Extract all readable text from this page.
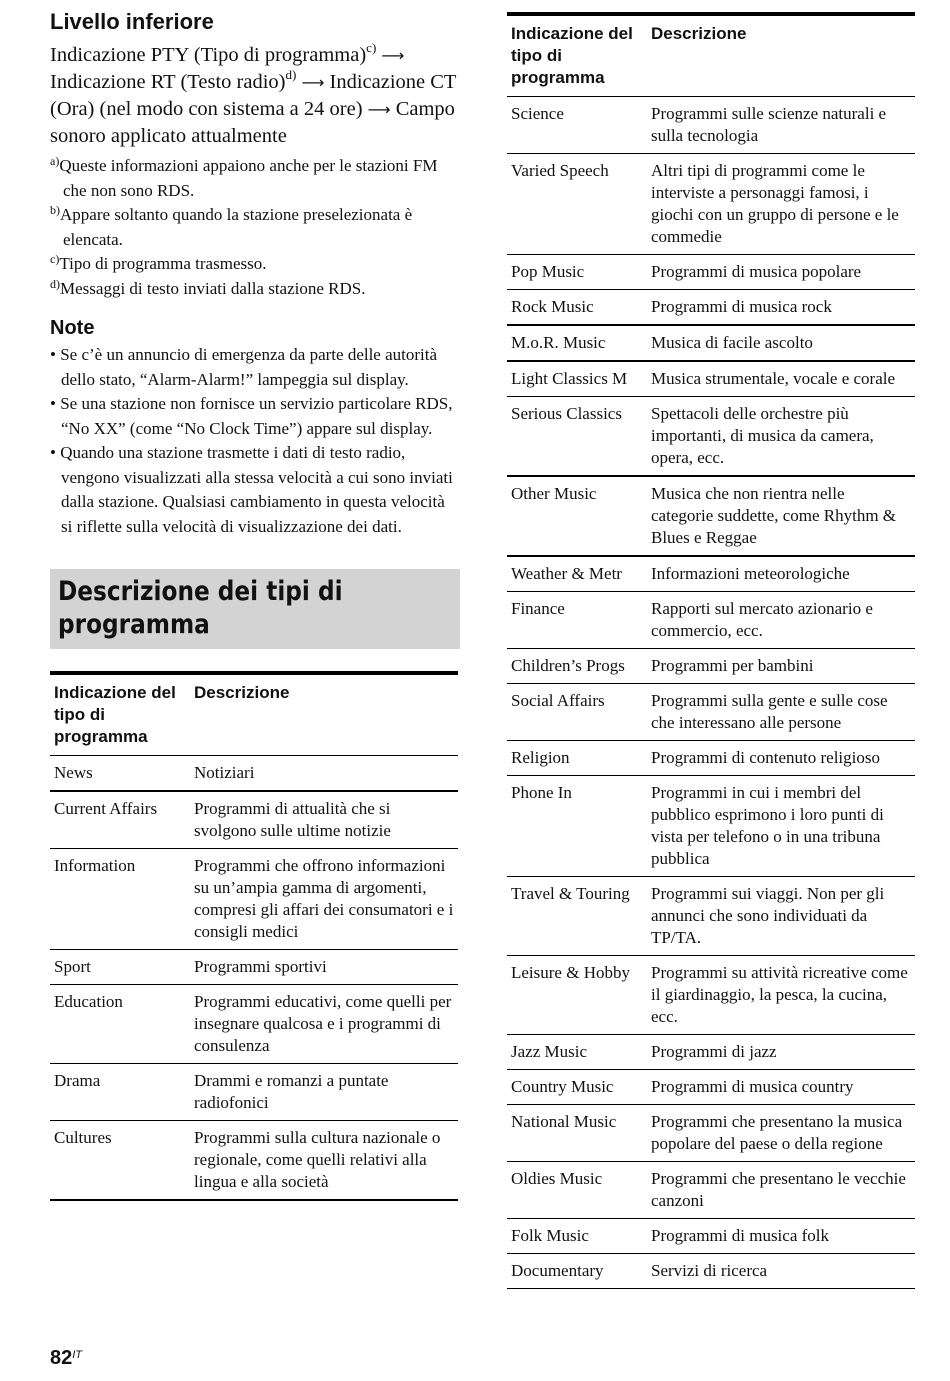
Livello inferiore

Indicazione PTY (Tipo di programma)$^{c)}$ ⟶ Indicazione RT (Testo radio)$^{d)}$ ⟶ Indicazione CT (Ora) (nel modo con sistema a 24 ore) ⟶ Campo sonoro applicato attualmente

$^{a)}$Queste informazioni appaiono anche per le stazioni FM che non sono RDS.
$^{b)}$Appare soltanto quando la stazione preselezionata è elencata.
$^{c)}$Tipo di programma trasmesso.
$^{d)}$Messaggi di testo inviati dalla stazione RDS.
Note
• Se c’è un annuncio di emergenza da parte delle autorità dello stato, “Alarm-Alarm!” lampeggia sul display.
• Se una stazione non fornisce un servizio particolare RDS, “No XX” (come “No Clock Time”) appare sul display.
• Quando una stazione trasmette i dati di testo radio, vengono visualizzati alla stessa velocità a cui sono inviati dalla stazione. Qualsiasi cambiamento in questa velocità si riflette sulla velocità di visualizzazione dei dati.
Descrizione dei tipi di programma
Indicazione del tipo di programma	Descrizione
News	Notiziari
Current Affairs	Programmi di attualità che si svolgono sulle ultime notizie
Information	Programmi che offrono informazioni su un’ampia gamma di argomenti, compresi gli affari dei consumatori e i consigli medici
Sport	Programmi sportivi
Education	Programmi educativi, come quelli per insegnare qualcosa e i programmi di consulenza
Drama	Drammi e romanzi a puntate radiofonici
Cultures	Programmi sulla cultura nazionale o regionale, come quelli relativi alla lingua e alla società
Indicazione del tipo di programma	Descrizione
Science	Programmi sulle scienze naturali e sulla tecnologia
Varied Speech	Altri tipi di programmi come le interviste a personaggi famosi, i giochi con un gruppo di persone e le commedie
Pop Music	Programmi di musica popolare
Rock Music	Programmi di musica rock
M.o.R. Music	Musica di facile ascolto
Light Classics M	Musica strumentale, vocale e corale
Serious Classics	Spettacoli delle orchestre più importanti, di musica da camera, opera, ecc.
Other Music	Musica che non rientra nelle categorie suddette, come Rhythm & Blues e Reggae
Weather & Metr	Informazioni meteorologiche
Finance	Rapporti sul mercato azionario e commercio, ecc.
Children’s Progs	Programmi per bambini
Social Affairs	Programmi sulla gente e sulle cose che interessano alle persone
Religion	Programmi di contenuto religioso
Phone In	Programmi in cui i membri del pubblico esprimono i loro punti di vista per telefono o in una tribuna pubblica
Travel & Touring	Programmi sui viaggi. Non per gli annunci che sono individuati da TP/TA.
Leisure & Hobby	Programmi su attività ricreative come il giardinaggio, la pesca, la cucina, ecc.
Jazz Music	Programmi di jazz
Country Music	Programmi di musica country
National Music	Programmi che presentano la musica popolare del paese o della regione
Oldies Music	Programmi che presentano le vecchie canzoni
Folk Music	Programmi di musica folk
Documentary	Servizi di ricerca
$82^{IT}$
